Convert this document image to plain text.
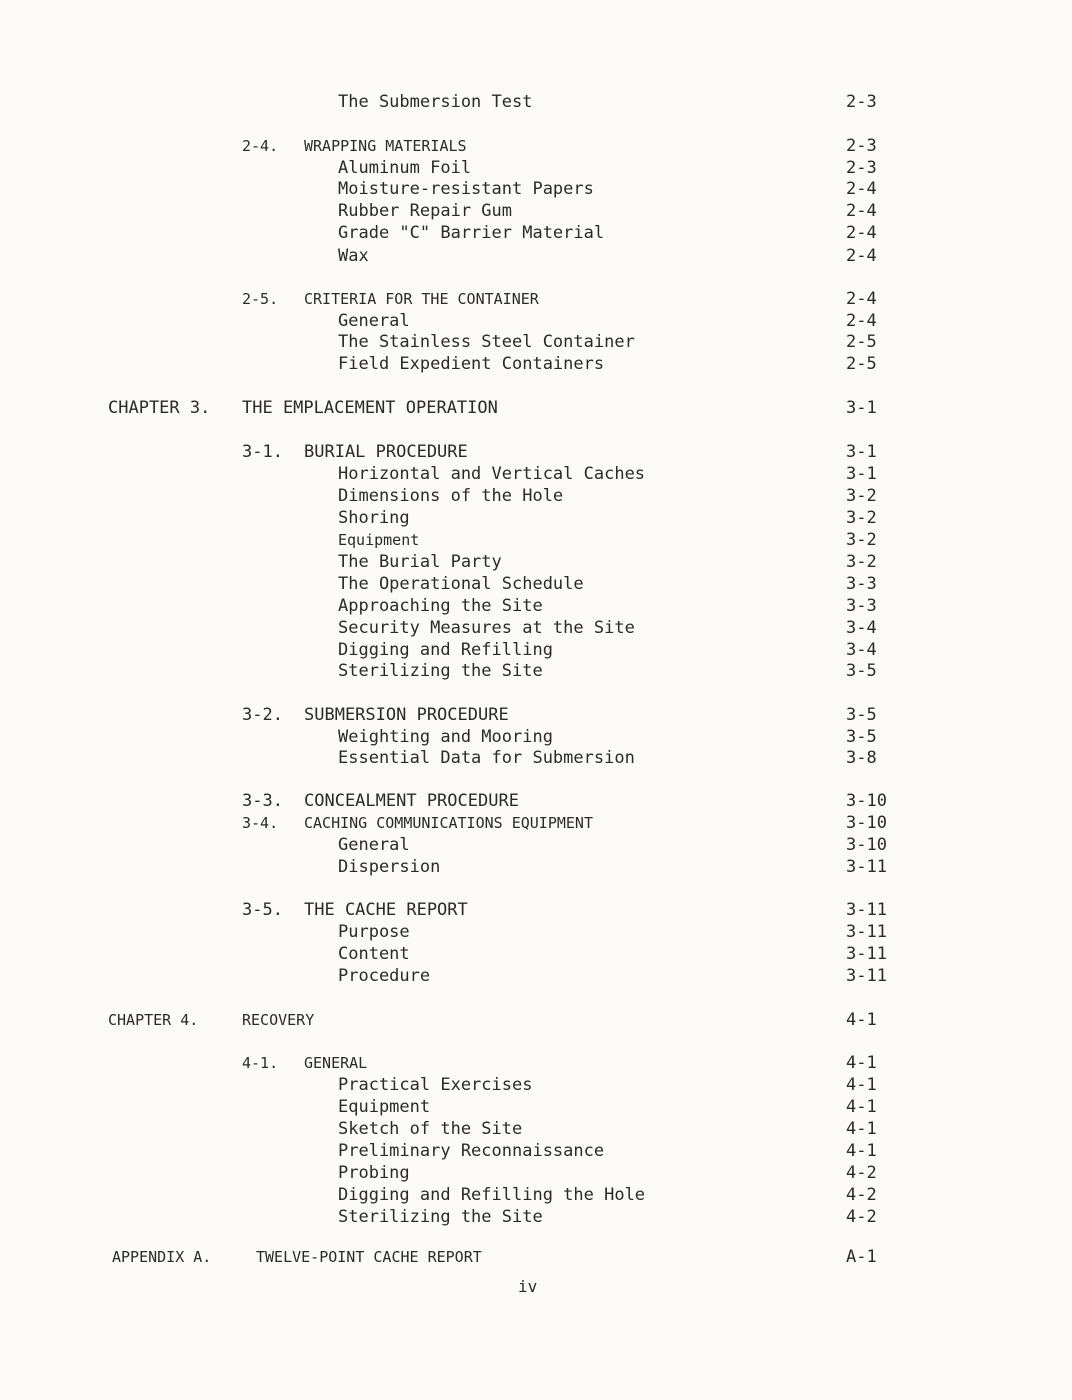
The Submersion Test	2-3
2-4. WRAPPING MATERIALS	2-3
Aluminum Foil	2-3
Moisture-resistant Papers	2-4
Rubber Repair Gum	2-4
Grade "C" Barrier Material	2-4
Wax	2-4
2-5. CRITERIA FOR THE CONTAINER	2-4
General	2-4
The Stainless Steel Container	2-5
Field Expedient Containers	2-5
CHAPTER 3. THE EMPLACEMENT OPERATION	3-1
3-1. BURIAL PROCEDURE	3-1
Horizontal and Vertical Caches	3-1
Dimensions of the Hole	3-2
Shoring	3-2
Equipment	3-2
The Burial Party	3-2
The Operational Schedule	3-3
Approaching the Site	3-3
Security Measures at the Site	3-4
Digging and Refilling	3-4
Sterilizing the Site	3-5
3-2. SUBMERSION PROCEDURE	3-5
Weighting and Mooring	3-5
Essential Data for Submersion	3-8
3-3. CONCEALMENT PROCEDURE	3-10
3-4. CACHING COMMUNICATIONS EQUIPMENT	3-10
General	3-10
Dispersion	3-11
3-5. THE CACHE REPORT	3-11
Purpose	3-11
Content	3-11
Procedure	3-11
CHAPTER 4.	RECOVERY	4-1
4-1. GENERAL	4-1
Practical Exercises	4-1
Equipment	4-1
Sketch of the Site	4-1
Preliminary Reconnaissance	4-1
Probing	4-2
Digging and Refilling the Hole	4-2
Sterilizing the Site	4-2
APPENDIX A.	TWELVE-POINT CACHE REPORT	A-1
iv
